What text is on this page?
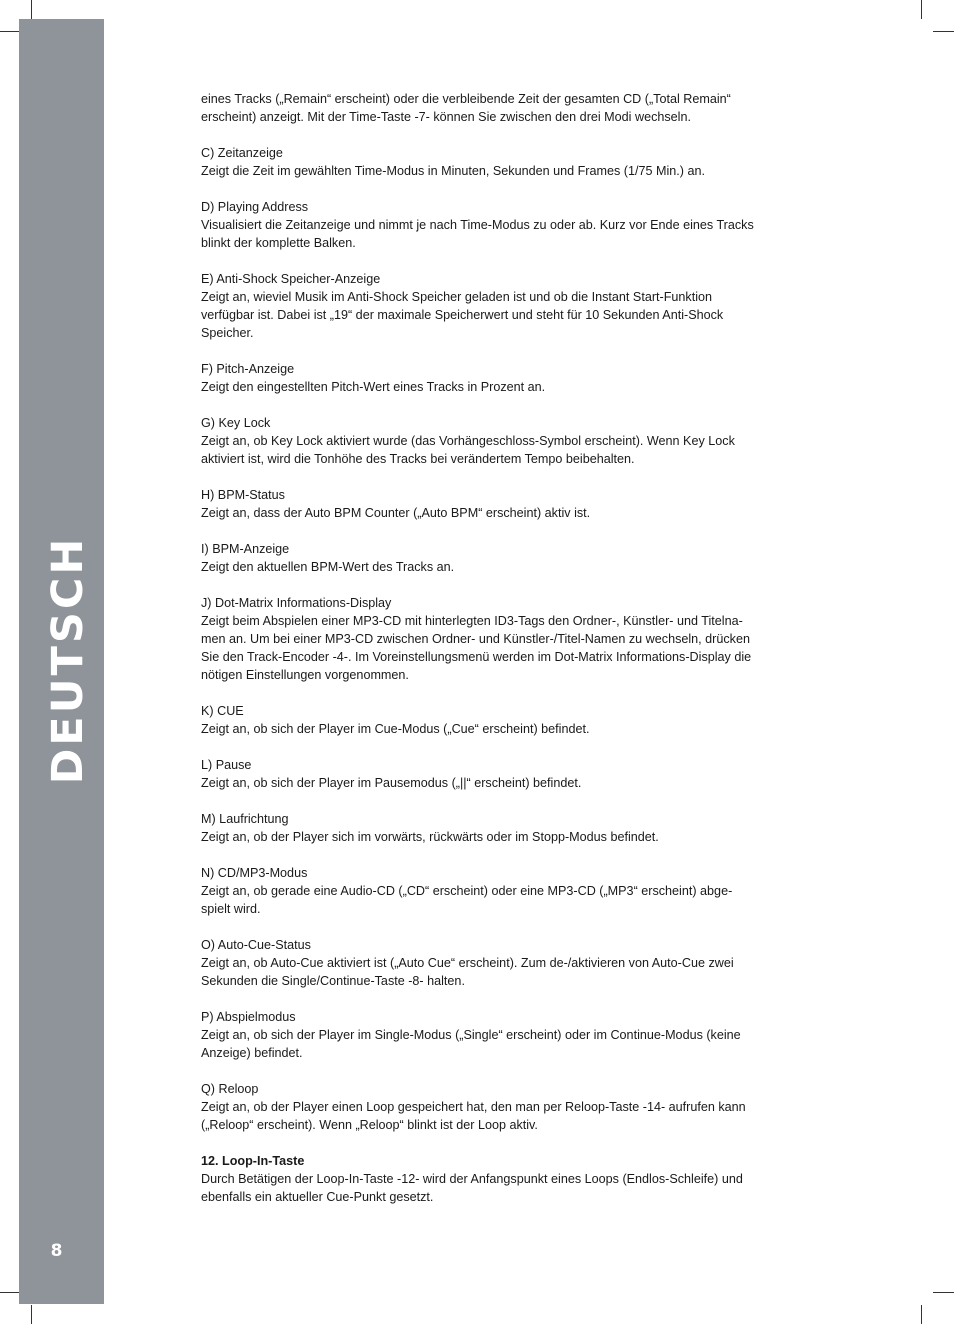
DEUTSCH
8
eines Tracks („Remain“ erscheint) oder die verbleibende Zeit der gesamten CD („Total Remain“
erscheint) anzeigt. Mit der Time-Taste -7- können Sie zwischen den drei Modi wechseln.
C) Zeitanzeige
Zeigt die Zeit im gewählten Time-Modus in Minuten, Sekunden und Frames (1/75 Min.) an.
D) Playing Address
Visualisiert die Zeitanzeige und nimmt je nach Time-Modus zu oder ab. Kurz vor Ende eines Tracks
blinkt der komplette Balken.
E) Anti-Shock Speicher-Anzeige
Zeigt an, wieviel Musik im Anti-Shock Speicher geladen ist und ob die Instant Start-Funktion
verfügbar ist. Dabei ist „19“ der maximale Speicherwert und steht für 10 Sekunden Anti-Shock
Speicher.
F) Pitch-Anzeige
Zeigt den eingestellten Pitch-Wert eines Tracks in Prozent an.
G) Key Lock
Zeigt an, ob Key Lock aktiviert wurde (das Vorhängeschloss-Symbol erscheint). Wenn Key Lock
aktiviert ist, wird die Tonhöhe des Tracks bei verändertem Tempo beibehalten.
H) BPM-Status
Zeigt an, dass der Auto BPM Counter („Auto BPM“ erscheint) aktiv ist.
I) BPM-Anzeige
Zeigt den aktuellen BPM-Wert des Tracks an.
J) Dot-Matrix Informations-Display
Zeigt beim Abspielen einer MP3-CD mit hinterlegten ID3-Tags den Ordner-, Künstler- und Titelna-
men an. Um bei einer MP3-CD zwischen Ordner- und Künstler-/Titel-Namen zu wechseln, drücken
Sie den Track-Encoder -4-. Im Voreinstellungsmenü werden im Dot-Matrix Informations-Display die
nötigen Einstellungen vorgenommen.
K) CUE
Zeigt an, ob sich der Player im Cue-Modus („Cue“ erscheint) befindet.
L) Pause
Zeigt an, ob sich der Player im Pausemodus („||“ erscheint) befindet.
M) Laufrichtung
Zeigt an, ob der Player sich im vorwärts, rückwärts oder im Stopp-Modus befindet.
N) CD/MP3-Modus
Zeigt an, ob gerade eine Audio-CD („CD“ erscheint) oder eine MP3-CD („MP3“ erscheint) abge-
spielt wird.
O) Auto-Cue-Status
Zeigt an, ob Auto-Cue aktiviert ist („Auto Cue“ erscheint). Zum de-/aktivieren von Auto-Cue zwei
Sekunden die Single/Continue-Taste -8- halten.
P) Abspielmodus
Zeigt an, ob sich der Player im Single-Modus („Single“ erscheint) oder im Continue-Modus (keine
Anzeige) befindet.
Q) Reloop
Zeigt an, ob der Player einen Loop gespeichert hat, den man per Reloop-Taste -14- aufrufen kann
(„Reloop“ erscheint). Wenn „Reloop“ blinkt ist der Loop aktiv.
12. Loop-In-Taste
Durch Betätigen der Loop-In-Taste -12- wird der Anfangspunkt eines Loops (Endlos-Schleife) und
ebenfalls ein aktueller Cue-Punkt gesetzt.
